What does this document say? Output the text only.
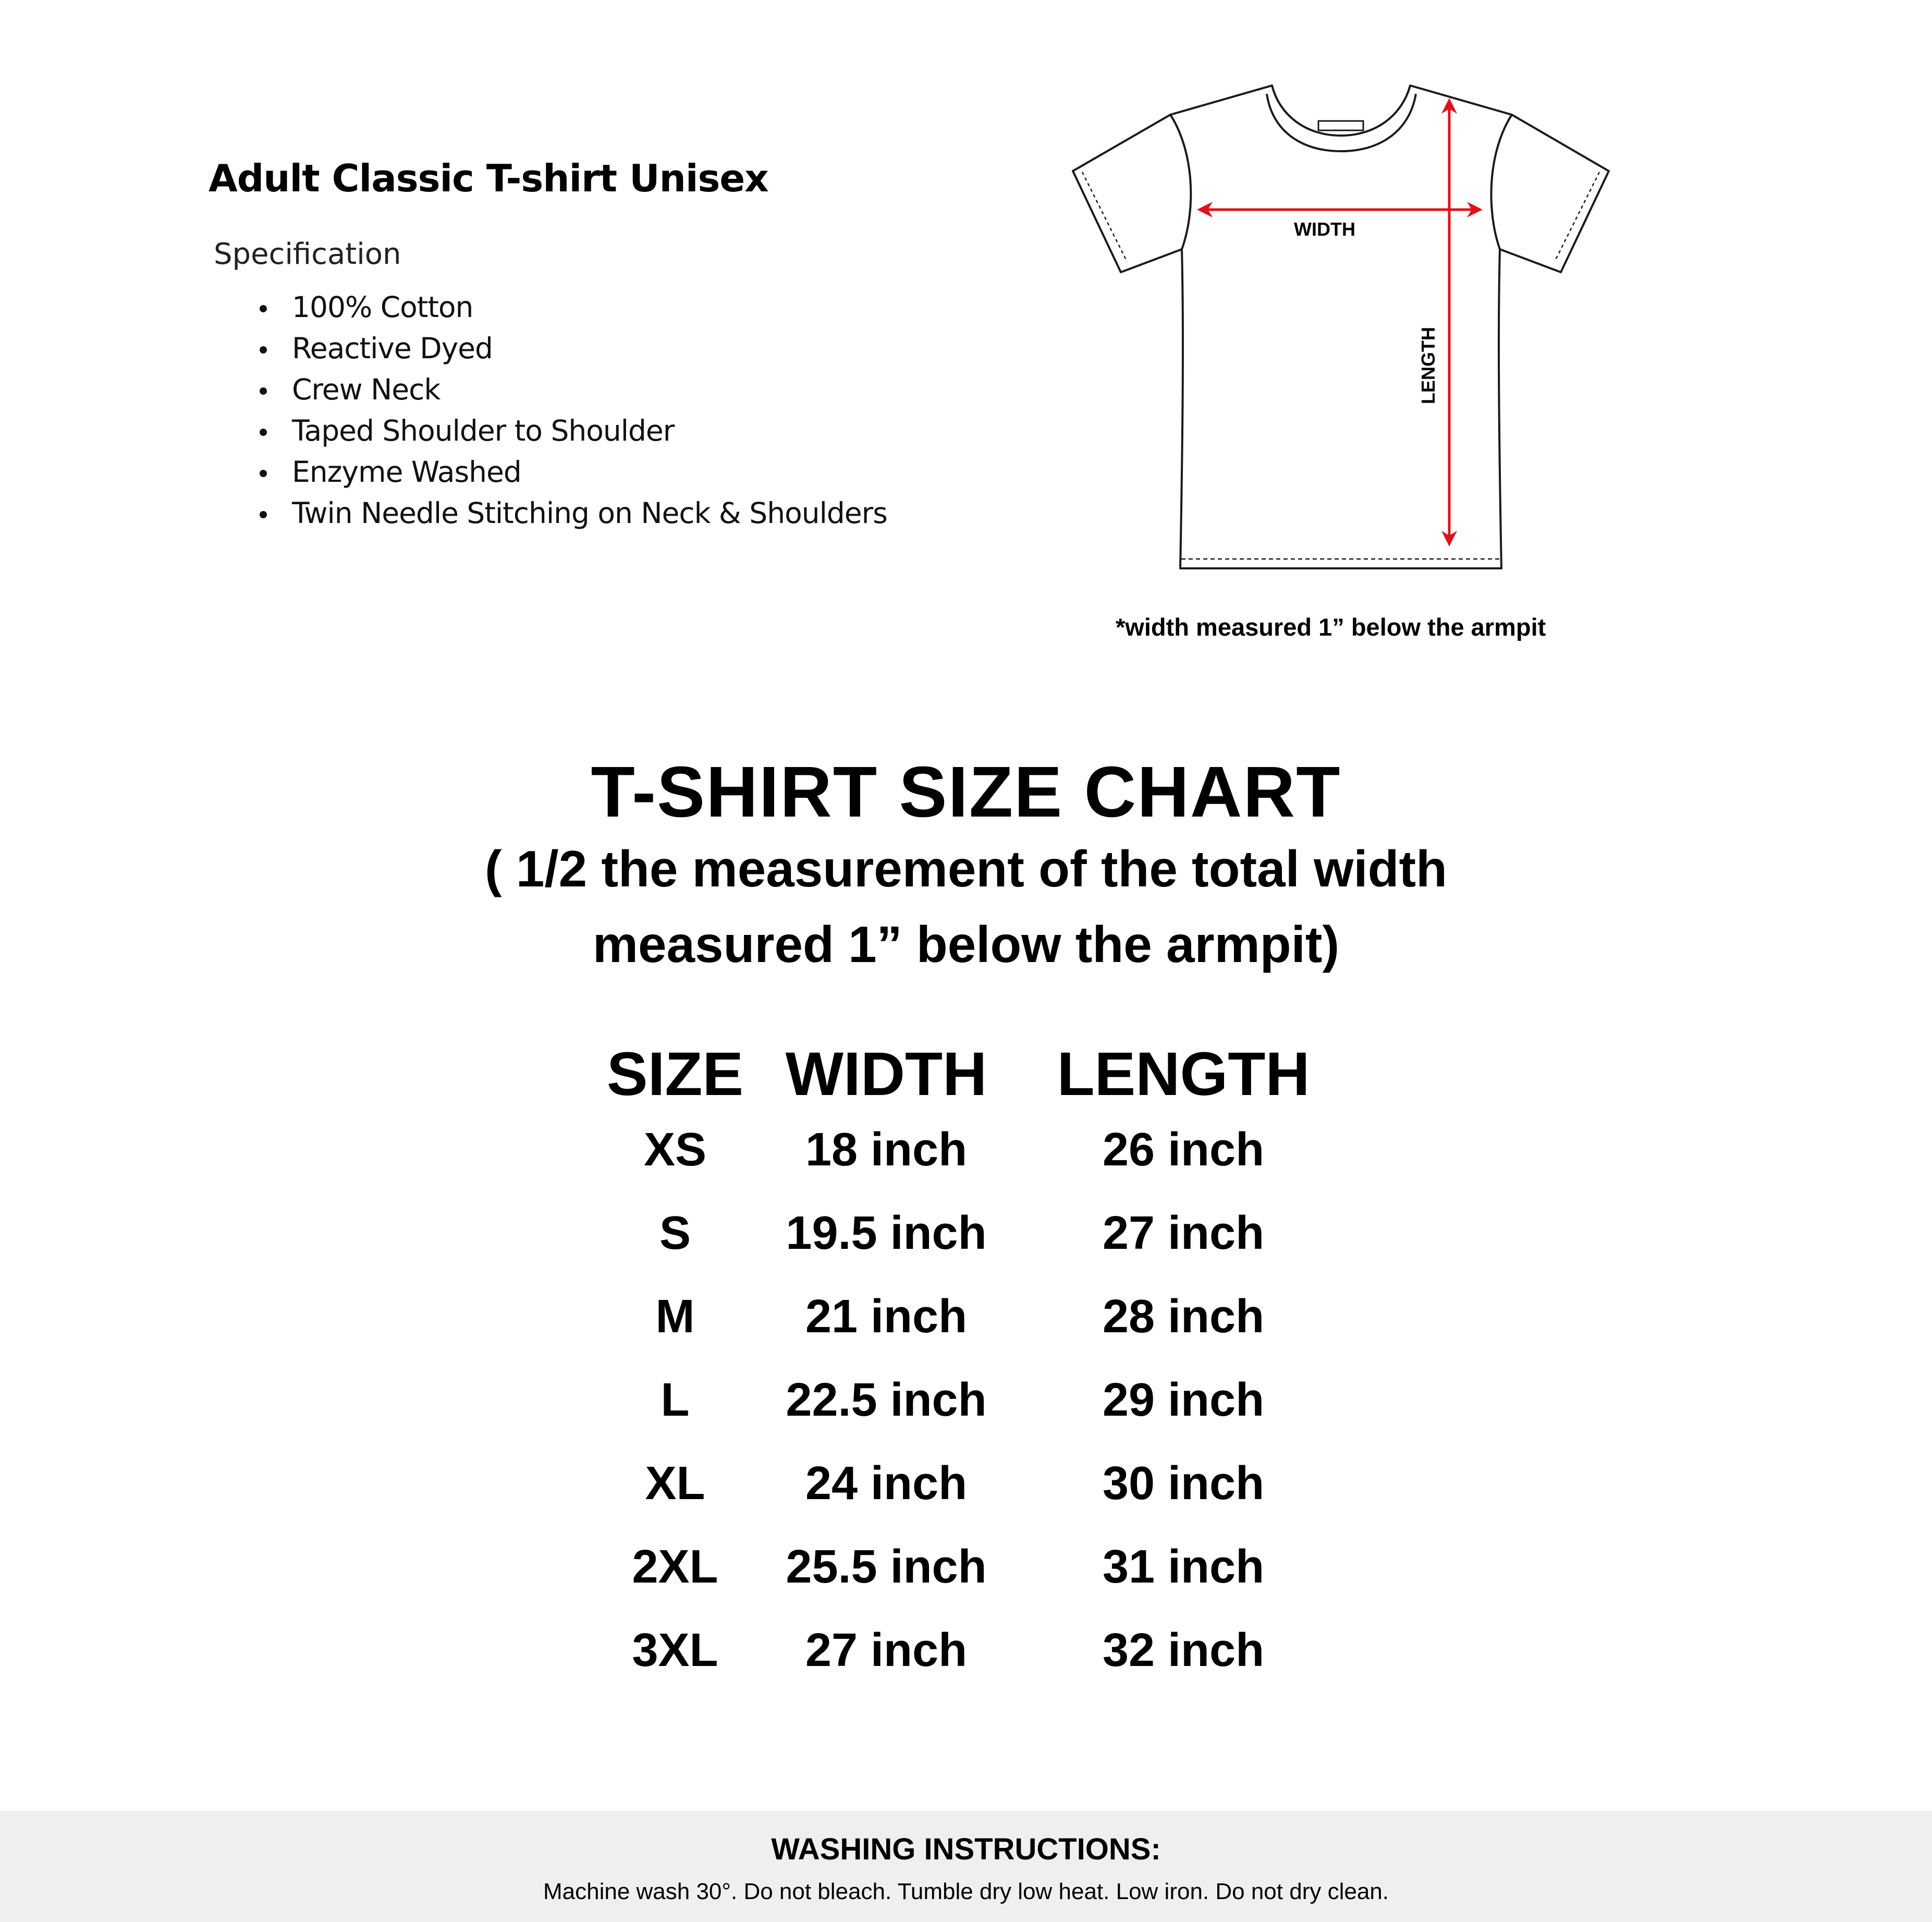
Adult Classic T-shirt Unisex
Specification
100% Cotton
Reactive Dyed
Crew Neck
Taped Shoulder to Shoulder
Enzyme Washed
Twin Needle Stitching on Neck & Shoulders
WIDTH
LENGTH
*width measured 1” below the armpit
T-SHIRT SIZE CHART
( 1/2 the measurement of the total width
measured 1” below the armpit)
SIZE WIDTH LENGTH
XS	18 inch	26 inch
S	19.5 inch	27 inch
M	21 inch	28 inch
L	22.5 inch	29 inch
XL	24 inch	30 inch
2XL	25.5 inch	31 inch
3XL	27 inch	32 inch
WASHING INSTRUCTIONS:
Machine wash 30°. Do not bleach. Tumble dry low heat. Low iron. Do not dry clean.
